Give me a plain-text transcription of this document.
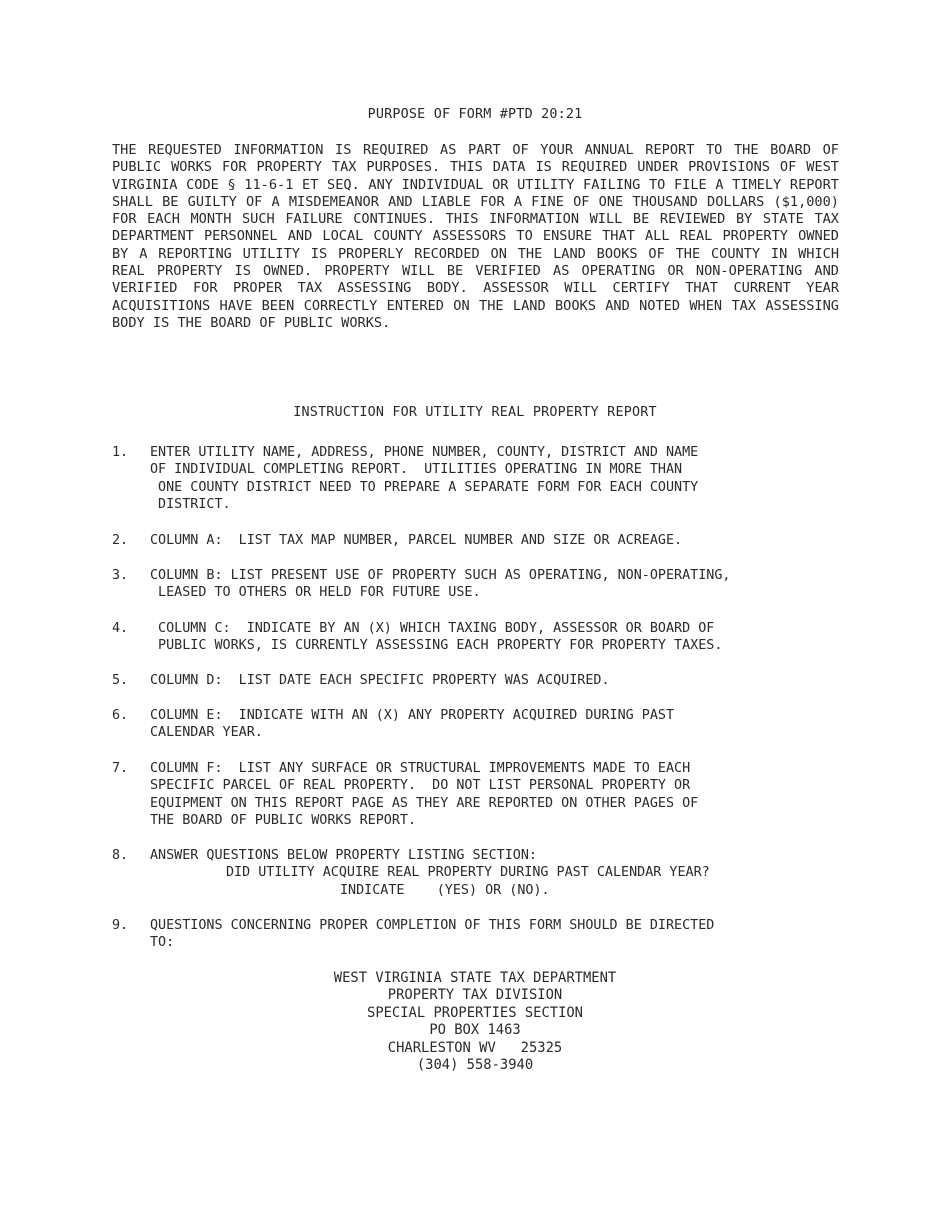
PURPOSE OF FORM #PTD 20:21
THE REQUESTED INFORMATION IS REQUIRED AS PART OF YOUR ANNUAL REPORT TO THE BOARD OF PUBLIC WORKS FOR PROPERTY TAX PURPOSES. THIS DATA IS REQUIRED UNDER PROVISIONS OF WEST VIRGINIA CODE § 11-6-1 ET SEQ. ANY INDIVIDUAL OR UTILITY FAILING TO FILE A TIMELY REPORT SHALL BE GUILTY OF A MISDEMEANOR AND LIABLE FOR A FINE OF ONE THOUSAND DOLLARS ($1,000) FOR EACH MONTH SUCH FAILURE CONTINUES. THIS INFORMATION WILL BE REVIEWED BY STATE TAX DEPARTMENT PERSONNEL AND LOCAL COUNTY ASSESSORS TO ENSURE THAT ALL REAL PROPERTY OWNED BY A REPORTING UTILITY IS PROPERLY RECORDED ON THE LAND BOOKS OF THE COUNTY IN WHICH REAL PROPERTY IS OWNED. PROPERTY WILL BE VERIFIED AS OPERATING OR NON-OPERATING AND VERIFIED FOR PROPER TAX ASSESSING BODY. ASSESSOR WILL CERTIFY THAT CURRENT YEAR ACQUISITIONS HAVE BEEN CORRECTLY ENTERED ON THE LAND BOOKS AND NOTED WHEN TAX ASSESSING BODY IS THE BOARD OF PUBLIC WORKS.
INSTRUCTION FOR UTILITY REAL PROPERTY REPORT
1.	ENTER UTILITY NAME, ADDRESS, PHONE NUMBER, COUNTY, DISTRICT AND NAME
OF INDIVIDUAL COMPLETING REPORT.  UTILITIES OPERATING IN MORE THAN
ONE COUNTY DISTRICT NEED TO PREPARE A SEPARATE FORM FOR EACH COUNTY
DISTRICT.
2.	COLUMN A:  LIST TAX MAP NUMBER, PARCEL NUMBER AND SIZE OR ACREAGE.
3.	COLUMN B: LIST PRESENT USE OF PROPERTY SUCH AS OPERATING, NON-OPERATING,
LEASED TO OTHERS OR HELD FOR FUTURE USE.
4.	COLUMN C:  INDICATE BY AN (X) WHICH TAXING BODY, ASSESSOR OR BOARD OF
PUBLIC WORKS, IS CURRENTLY ASSESSING EACH PROPERTY FOR PROPERTY TAXES.
5.	COLUMN D:  LIST DATE EACH SPECIFIC PROPERTY WAS ACQUIRED.
6.	COLUMN E:  INDICATE WITH AN (X) ANY PROPERTY ACQUIRED DURING PAST
CALENDAR YEAR.
7.	COLUMN F:  LIST ANY SURFACE OR STRUCTURAL IMPROVEMENTS MADE TO EACH
SPECIFIC PARCEL OF REAL PROPERTY.  DO NOT LIST PERSONAL PROPERTY OR
EQUIPMENT ON THIS REPORT PAGE AS THEY ARE REPORTED ON OTHER PAGES OF
THE BOARD OF PUBLIC WORKS REPORT.
8.	ANSWER QUESTIONS BELOW PROPERTY LISTING SECTION:
DID UTILITY ACQUIRE REAL PROPERTY DURING PAST CALENDAR YEAR?
INDICATE    (YES) OR (NO).
9.	QUESTIONS CONCERNING PROPER COMPLETION OF THIS FORM SHOULD BE DIRECTED
TO:
WEST VIRGINIA STATE TAX DEPARTMENT
PROPERTY TAX DIVISION
SPECIAL PROPERTIES SECTION
PO BOX 1463
CHARLESTON WV   25325
(304) 558-3940
